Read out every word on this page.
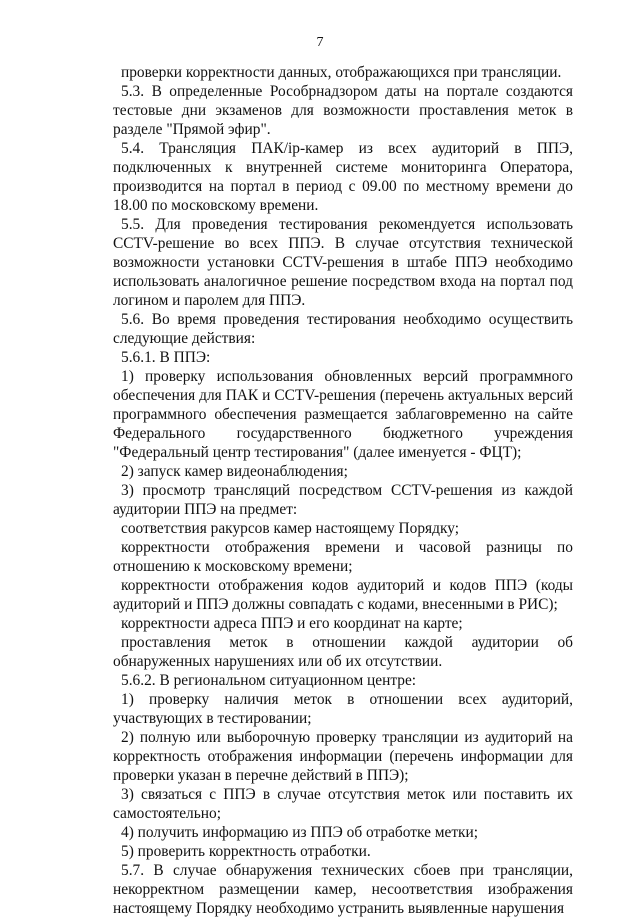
7

проверки корректности данных, отображающихся при трансляции.

5.3. В определенные Рособрнадзором даты на портале создаются тестовые дни экзаменов для возможности проставления меток в разделе "Прямой эфир".

5.4. Трансляция ПАК/ip-камер из всех аудиторий в ППЭ, подключенных к внутренней системе мониторинга Оператора, производится на портал в период с 09.00 по местному времени до 18.00 по московскому времени.

5.5. Для проведения тестирования рекомендуется использовать CCTV-решение во всех ППЭ. В случае отсутствия технической возможности установки CCTV-решения в штабе ППЭ необходимо использовать аналогичное решение посредством входа на портал под логином и паролем для ППЭ.

5.6. Во время проведения тестирования необходимо осуществить следующие действия:

5.6.1. В ППЭ:

1) проверку использования обновленных версий программного обеспечения для ПАК и CCTV-решения (перечень актуальных версий программного обеспечения размещается заблаговременно на сайте Федерального государственного бюджетного учреждения "Федеральный центр тестирования" (далее именуется - ФЦТ);

2) запуск камер видеонаблюдения;

3) просмотр трансляций посредством CCTV-решения из каждой аудитории ППЭ на предмет:

соответствия ракурсов камер настоящему Порядку;

корректности отображения времени и часовой разницы по отношению к московскому времени;

корректности отображения кодов аудиторий и кодов ППЭ (коды аудиторий и ППЭ должны совпадать с кодами, внесенными в РИС);

корректности адреса ППЭ и его координат на карте;

проставления меток в отношении каждой аудитории об обнаруженных нарушениях или об их отсутствии.

5.6.2. В региональном ситуационном центре:

1) проверку наличия меток в отношении всех аудиторий, участвующих в тестировании;

2) полную или выборочную проверку трансляции из аудиторий на корректность отображения информации (перечень информации для проверки указан в перечне действий в ППЭ);

3) связаться с ППЭ в случае отсутствия меток или поставить их самостоятельно;

4) получить информацию из ППЭ об отработке метки;

5) проверить корректность отработки.

5.7. В случае обнаружения технических сбоев при трансляции, некорректном размещении камер, несоответствия изображения настоящему Порядку необходимо устранить выявленные нарушения
